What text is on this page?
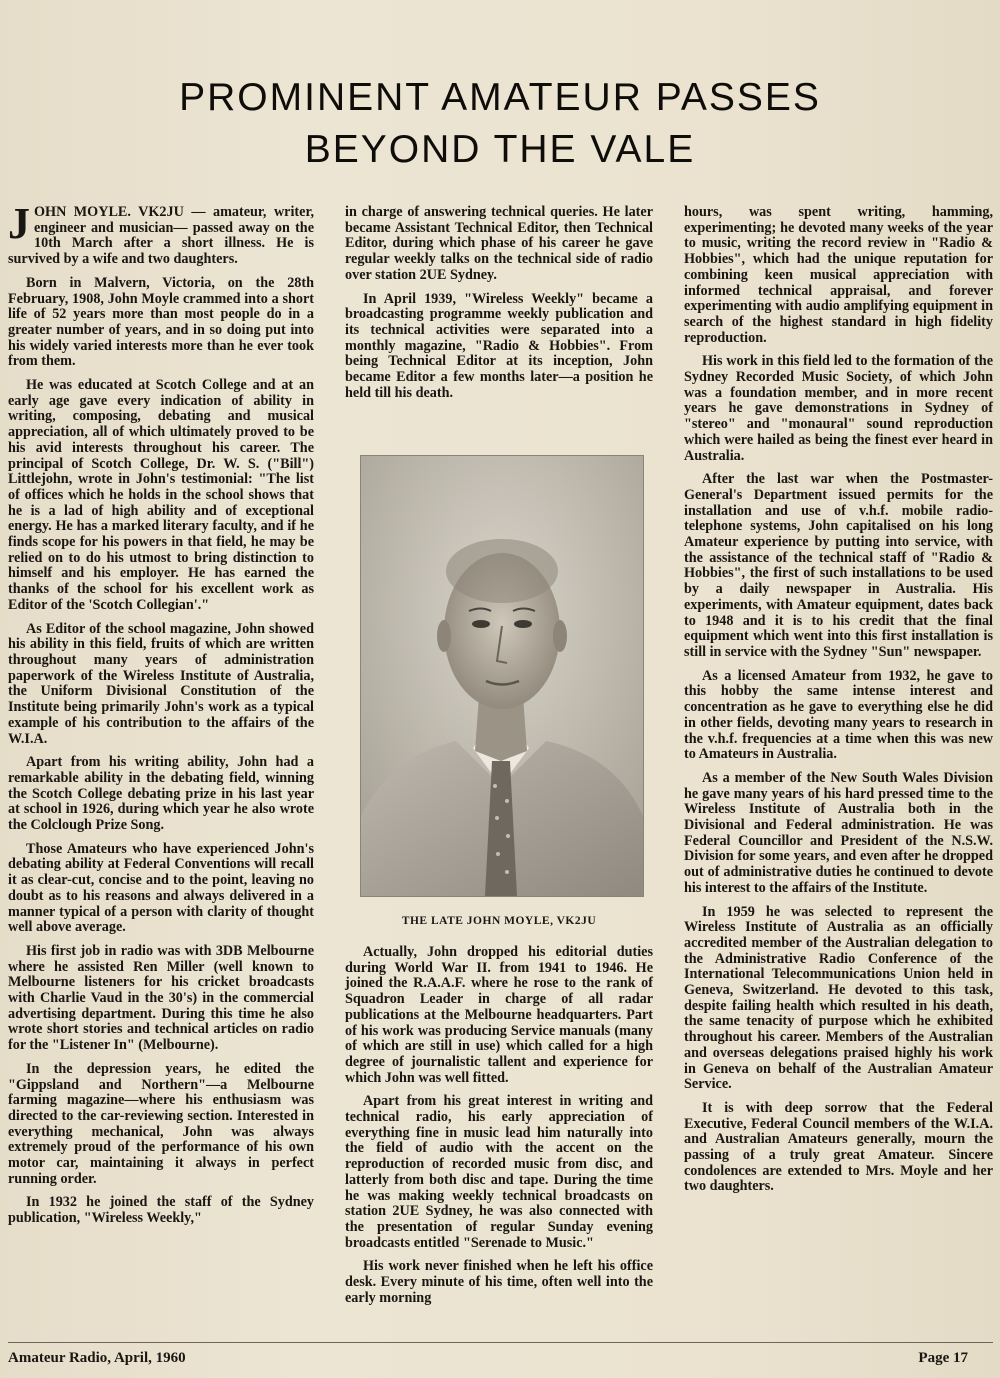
PROMINENT AMATEUR PASSES
BEYOND THE VALE

JOHN MOYLE. VK2JU — amateur, writer, engineer and musician— passed away on the 10th March after a short illness. He is survived by a wife and two daughters.

Born in Malvern, Victoria, on the 28th February, 1908, John Moyle crammed into a short life of 52 years more than most people do in a greater number of years, and in so doing put into his widely varied interests more than he ever took from them.

He was educated at Scotch College and at an early age gave every indication of ability in writing, composing, debating and musical appreciation, all of which ultimately proved to be his avid interests throughout his career. The principal of Scotch College, Dr. W. S. ("Bill") Littlejohn, wrote in John's testimonial: "The list of offices which he holds in the school shows that he is a lad of high ability and of exceptional energy. He has a marked literary faculty, and if he finds scope for his powers in that field, he may be relied on to do his utmost to bring distinction to himself and his employer. He has earned the thanks of the school for his excellent work as Editor of the 'Scotch Collegian'."

As Editor of the school magazine, John showed his ability in this field, fruits of which are written throughout many years of administration paperwork of the Wireless Institute of Australia, the Uniform Divisional Constitution of the Institute being primarily John's work as a typical example of his contribution to the affairs of the W.I.A.

Apart from his writing ability, John had a remarkable ability in the debating field, winning the Scotch College debating prize in his last year at school in 1926, during which year he also wrote the Colclough Prize Song.

Those Amateurs who have experienced John's debating ability at Federal Conventions will recall it as clear-cut, concise and to the point, leaving no doubt as to his reasons and always delivered in a manner typical of a person with clarity of thought well above average.

His first job in radio was with 3DB Melbourne where he assisted Ren Miller (well known to Melbourne listeners for his cricket broadcasts with Charlie Vaud in the 30's) in the commercial advertising department. During this time he also wrote short stories and technical articles on radio for the "Listener In" (Melbourne).

In the depression years, he edited the "Gippsland and Northern"—a Melbourne farming magazine—where his enthusiasm was directed to the car-reviewing section. Interested in everything mechanical, John was always extremely proud of the performance of his own motor car, maintaining it always in perfect running order.

In 1932 he joined the staff of the Sydney publication, "Wireless Weekly,"

in charge of answering technical queries. He later became Assistant Technical Editor, then Technical Editor, during which phase of his career he gave regular weekly talks on the technical side of radio over station 2UE Sydney.

In April 1939, "Wireless Weekly" became a broadcasting programme weekly publication and its technical activities were separated into a monthly magazine, "Radio & Hobbies". From being Technical Editor at its inception, John became Editor a few months later—a position he held till his death.

THE LATE JOHN MOYLE, VK2JU

Actually, John dropped his editorial duties during World War II. from 1941 to 1946. He joined the R.A.A.F. where he rose to the rank of Squadron Leader in charge of all radar publications at the Melbourne headquarters. Part of his work was producing Service manuals (many of which are still in use) which called for a high degree of journalistic tallent and experience for which John was well fitted.

Apart from his great interest in writing and technical radio, his early appreciation of everything fine in music lead him naturally into the field of audio with the accent on the reproduction of recorded music from disc, and latterly from both disc and tape. During the time he was making weekly technical broadcasts on station 2UE Sydney, he was also connected with the presentation of regular Sunday evening broadcasts entitled "Serenade to Music."

His work never finished when he left his office desk. Every minute of his time, often well into the early morning

hours, was spent writing, hamming, experimenting; he devoted many weeks of the year to music, writing the record review in "Radio & Hobbies", which had the unique reputation for combining keen musical appreciation with informed technical appraisal, and forever experimenting with audio amplifying equipment in search of the highest standard in high fidelity reproduction.

His work in this field led to the formation of the Sydney Recorded Music Society, of which John was a foundation member, and in more recent years he gave demonstrations in Sydney of "stereo" and "monaural" sound reproduction which were hailed as being the finest ever heard in Australia.

After the last war when the Postmaster-General's Department issued permits for the installation and use of v.h.f. mobile radio-telephone systems, John capitalised on his long Amateur experience by putting into service, with the assistance of the technical staff of "Radio & Hobbies", the first of such installations to be used by a daily newspaper in Australia. His experiments, with Amateur equipment, dates back to 1948 and it is to his credit that the final equipment which went into this first installation is still in service with the Sydney "Sun" newspaper.

As a licensed Amateur from 1932, he gave to this hobby the same intense interest and concentration as he gave to everything else he did in other fields, devoting many years to research in the v.h.f. frequencies at a time when this was new to Amateurs in Australia.

As a member of the New South Wales Division he gave many years of his hard pressed time to the Wireless Institute of Australia both in the Divisional and Federal administration. He was Federal Councillor and President of the N.S.W. Division for some years, and even after he dropped out of administrative duties he continued to devote his interest to the affairs of the Institute.

In 1959 he was selected to represent the Wireless Institute of Australia as an officially accredited member of the Australian delegation to the Administrative Radio Conference of the International Telecommunications Union held in Geneva, Switzerland. He devoted to this task, despite failing health which resulted in his death, the same tenacity of purpose which he exhibited throughout his career. Members of the Australian and overseas delegations praised highly his work in Geneva on behalf of the Australian Amateur Service.

It is with deep sorrow that the Federal Executive, Federal Council members of the W.I.A. and Australian Amateurs generally, mourn the passing of a truly great Amateur. Sincere condolences are extended to Mrs. Moyle and her two daughters.

Amateur Radio, April, 1960	Page 17
